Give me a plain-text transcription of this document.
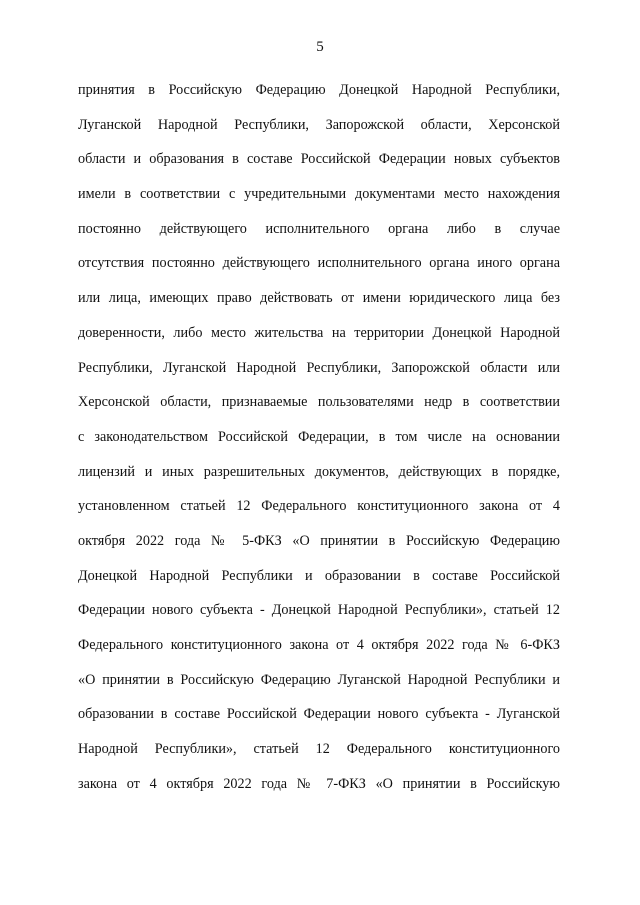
5
принятия в Российскую Федерацию Донецкой Народной Республики,
Луганской Народной Республики, Запорожской области, Херсонской
области и образования в составе Российской Федерации новых субъектов
имели в соответствии с учредительными документами место нахождения
постоянно действующего исполнительного органа либо в случае
отсутствия постоянно действующего исполнительного органа иного органа
или лица, имеющих право действовать от имени юридического лица без
доверенности, либо место жительства на территории Донецкой Народной
Республики, Луганской Народной Республики, Запорожской области или
Херсонской области, признаваемые пользователями недр в соответствии
с законодательством Российской Федерации, в том числе на основании
лицензий и иных разрешительных документов, действующих в порядке,
установленном статьей 12 Федерального конституционного закона от 4
октября 2022 года № 5-ФКЗ «О принятии в Российскую Федерацию
Донецкой Народной Республики и образовании в составе Российской
Федерации нового субъекта - Донецкой Народной Республики», статьей 12
Федерального конституционного закона от 4 октября 2022 года № 6-ФКЗ
«О принятии в Российскую Федерацию Луганской Народной Республики и
образовании в составе Российской Федерации нового субъекта - Луганской
Народной Республики», статьей 12 Федерального конституционного
закона от 4 октября 2022 года № 7-ФКЗ «О принятии в Российскую
